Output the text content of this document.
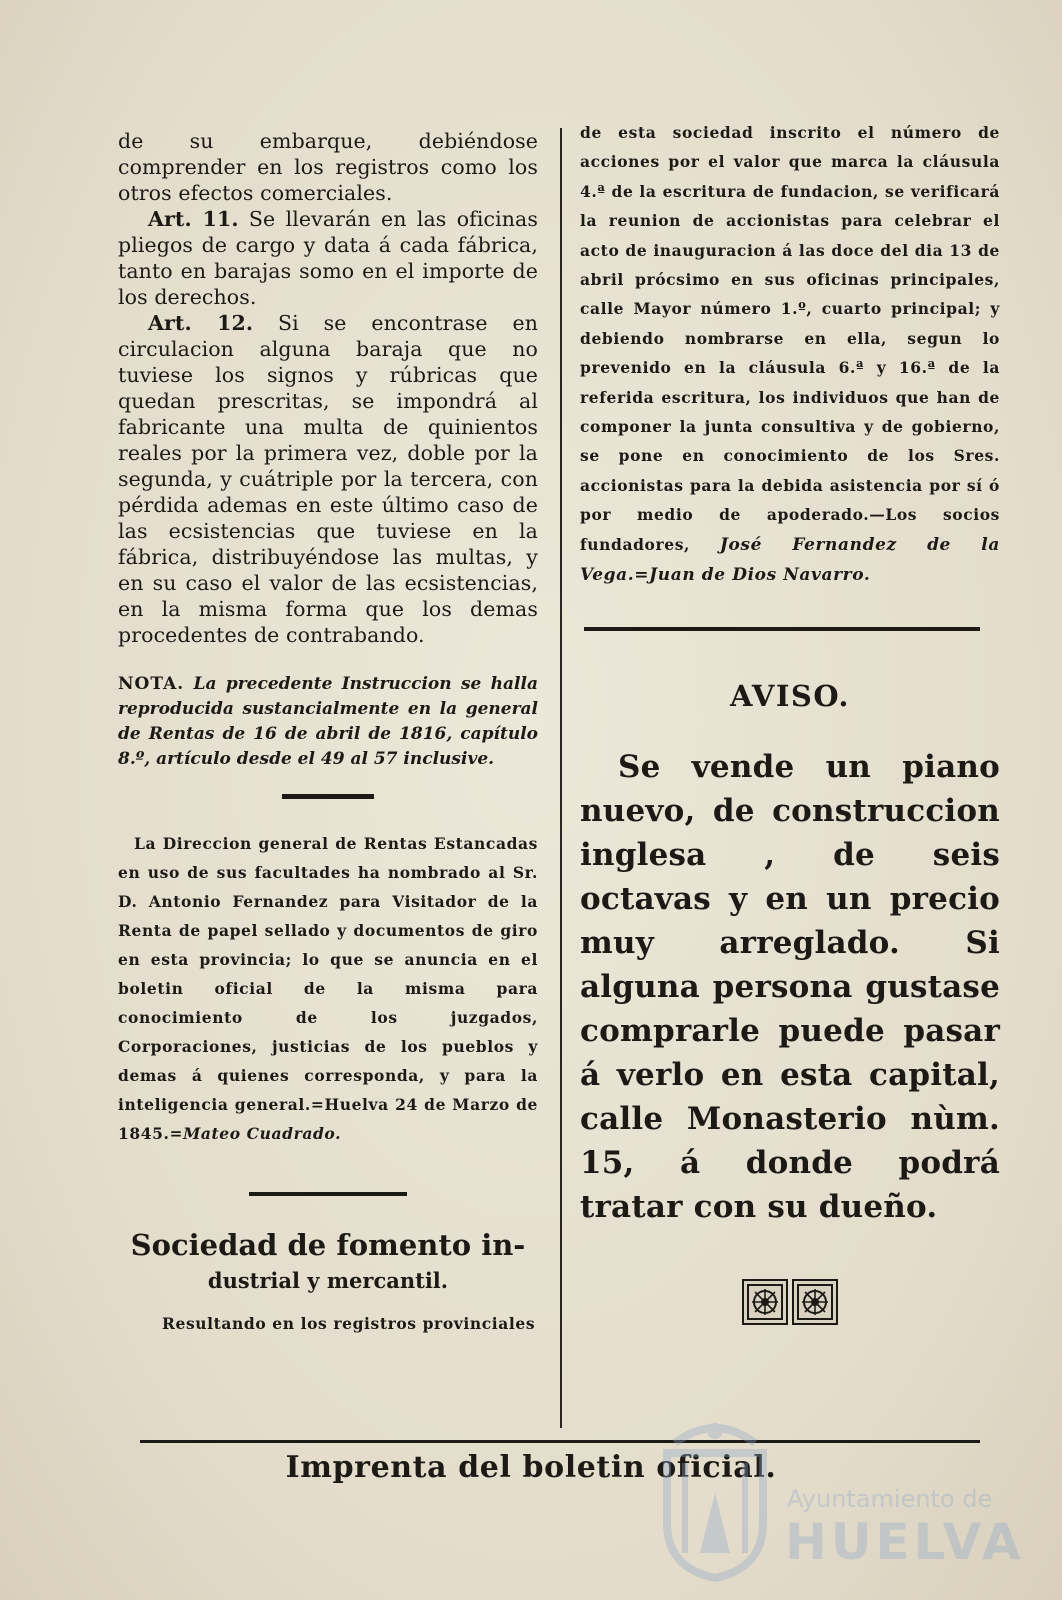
de su embarque, debiéndose comprender en los registros como los otros efectos comerciales.

Art. 11. Se llevarán en las oficinas pliegos de cargo y data á cada fábrica, tanto en barajas somo en el importe de los derechos.

Art. 12. Si se encontrase en circulacion alguna baraja que no tuviese los signos y rúbricas que quedan prescritas, se impondrá al fabricante una multa de quinientos reales por la primera vez, doble por la segunda, y cuátriple por la tercera, con pérdida ademas en este último caso de las ecsistencias que tuviese en la fábrica, distribuyéndose las multas, y en su caso el valor de las ecsistencias, en la misma forma que los demas procedentes de contrabando.

NOTA. La precedente Instruccion se halla reproducida sustancialmente en la general de Rentas de 16 de abril de 1816, capítulo 8.º, artículo desde el 49 al 57 inclusive.

La Direccion general de Rentas Estancadas en uso de sus facultades ha nombrado al Sr. D. Antonio Fernandez para Visitador de la Renta de papel sellado y documentos de giro en esta provincia; lo que se anuncia en el boletin oficial de la misma para conocimiento de los juzgados, Corporaciones, justicias de los pueblos y demas á quienes corresponda, y para la inteligencia general.=Huelva 24 de Marzo de 1845.=Mateo Cuadrado.

Sociedad de fomento in-
dustrial y mercantil.
Resultando en los registros provinciales

de esta sociedad inscrito el número de acciones por el valor que marca la cláusula 4.ª de la escritura de fundacion, se verificará la reunion de accionistas para celebrar el acto de inauguracion á las doce del dia 13 de abril prócsimo en sus oficinas principales, calle Mayor número 1.º, cuarto principal; y debiendo nombrarse en ella, segun lo prevenido en la cláusula 6.ª y 16.ª de la referida escritura, los individuos que han de componer la junta consultiva y de gobierno, se pone en conocimiento de los Sres. accionistas para la debida asistencia por sí ó por medio de apoderado.—Los socios fundadores, José Fernandez de la Vega.=Juan de Dios Navarro.

AVISO.

Se vende un piano nuevo, de construccion inglesa , de seis octavas y en un precio muy arreglado. Si alguna persona gustase comprarle puede pasar á verlo en esta capital, calle Monasterio nùm. 15, á donde podrá tratar con su dueño.

Imprenta del boletin oficial.
Ayuntamiento de
HUELVA
